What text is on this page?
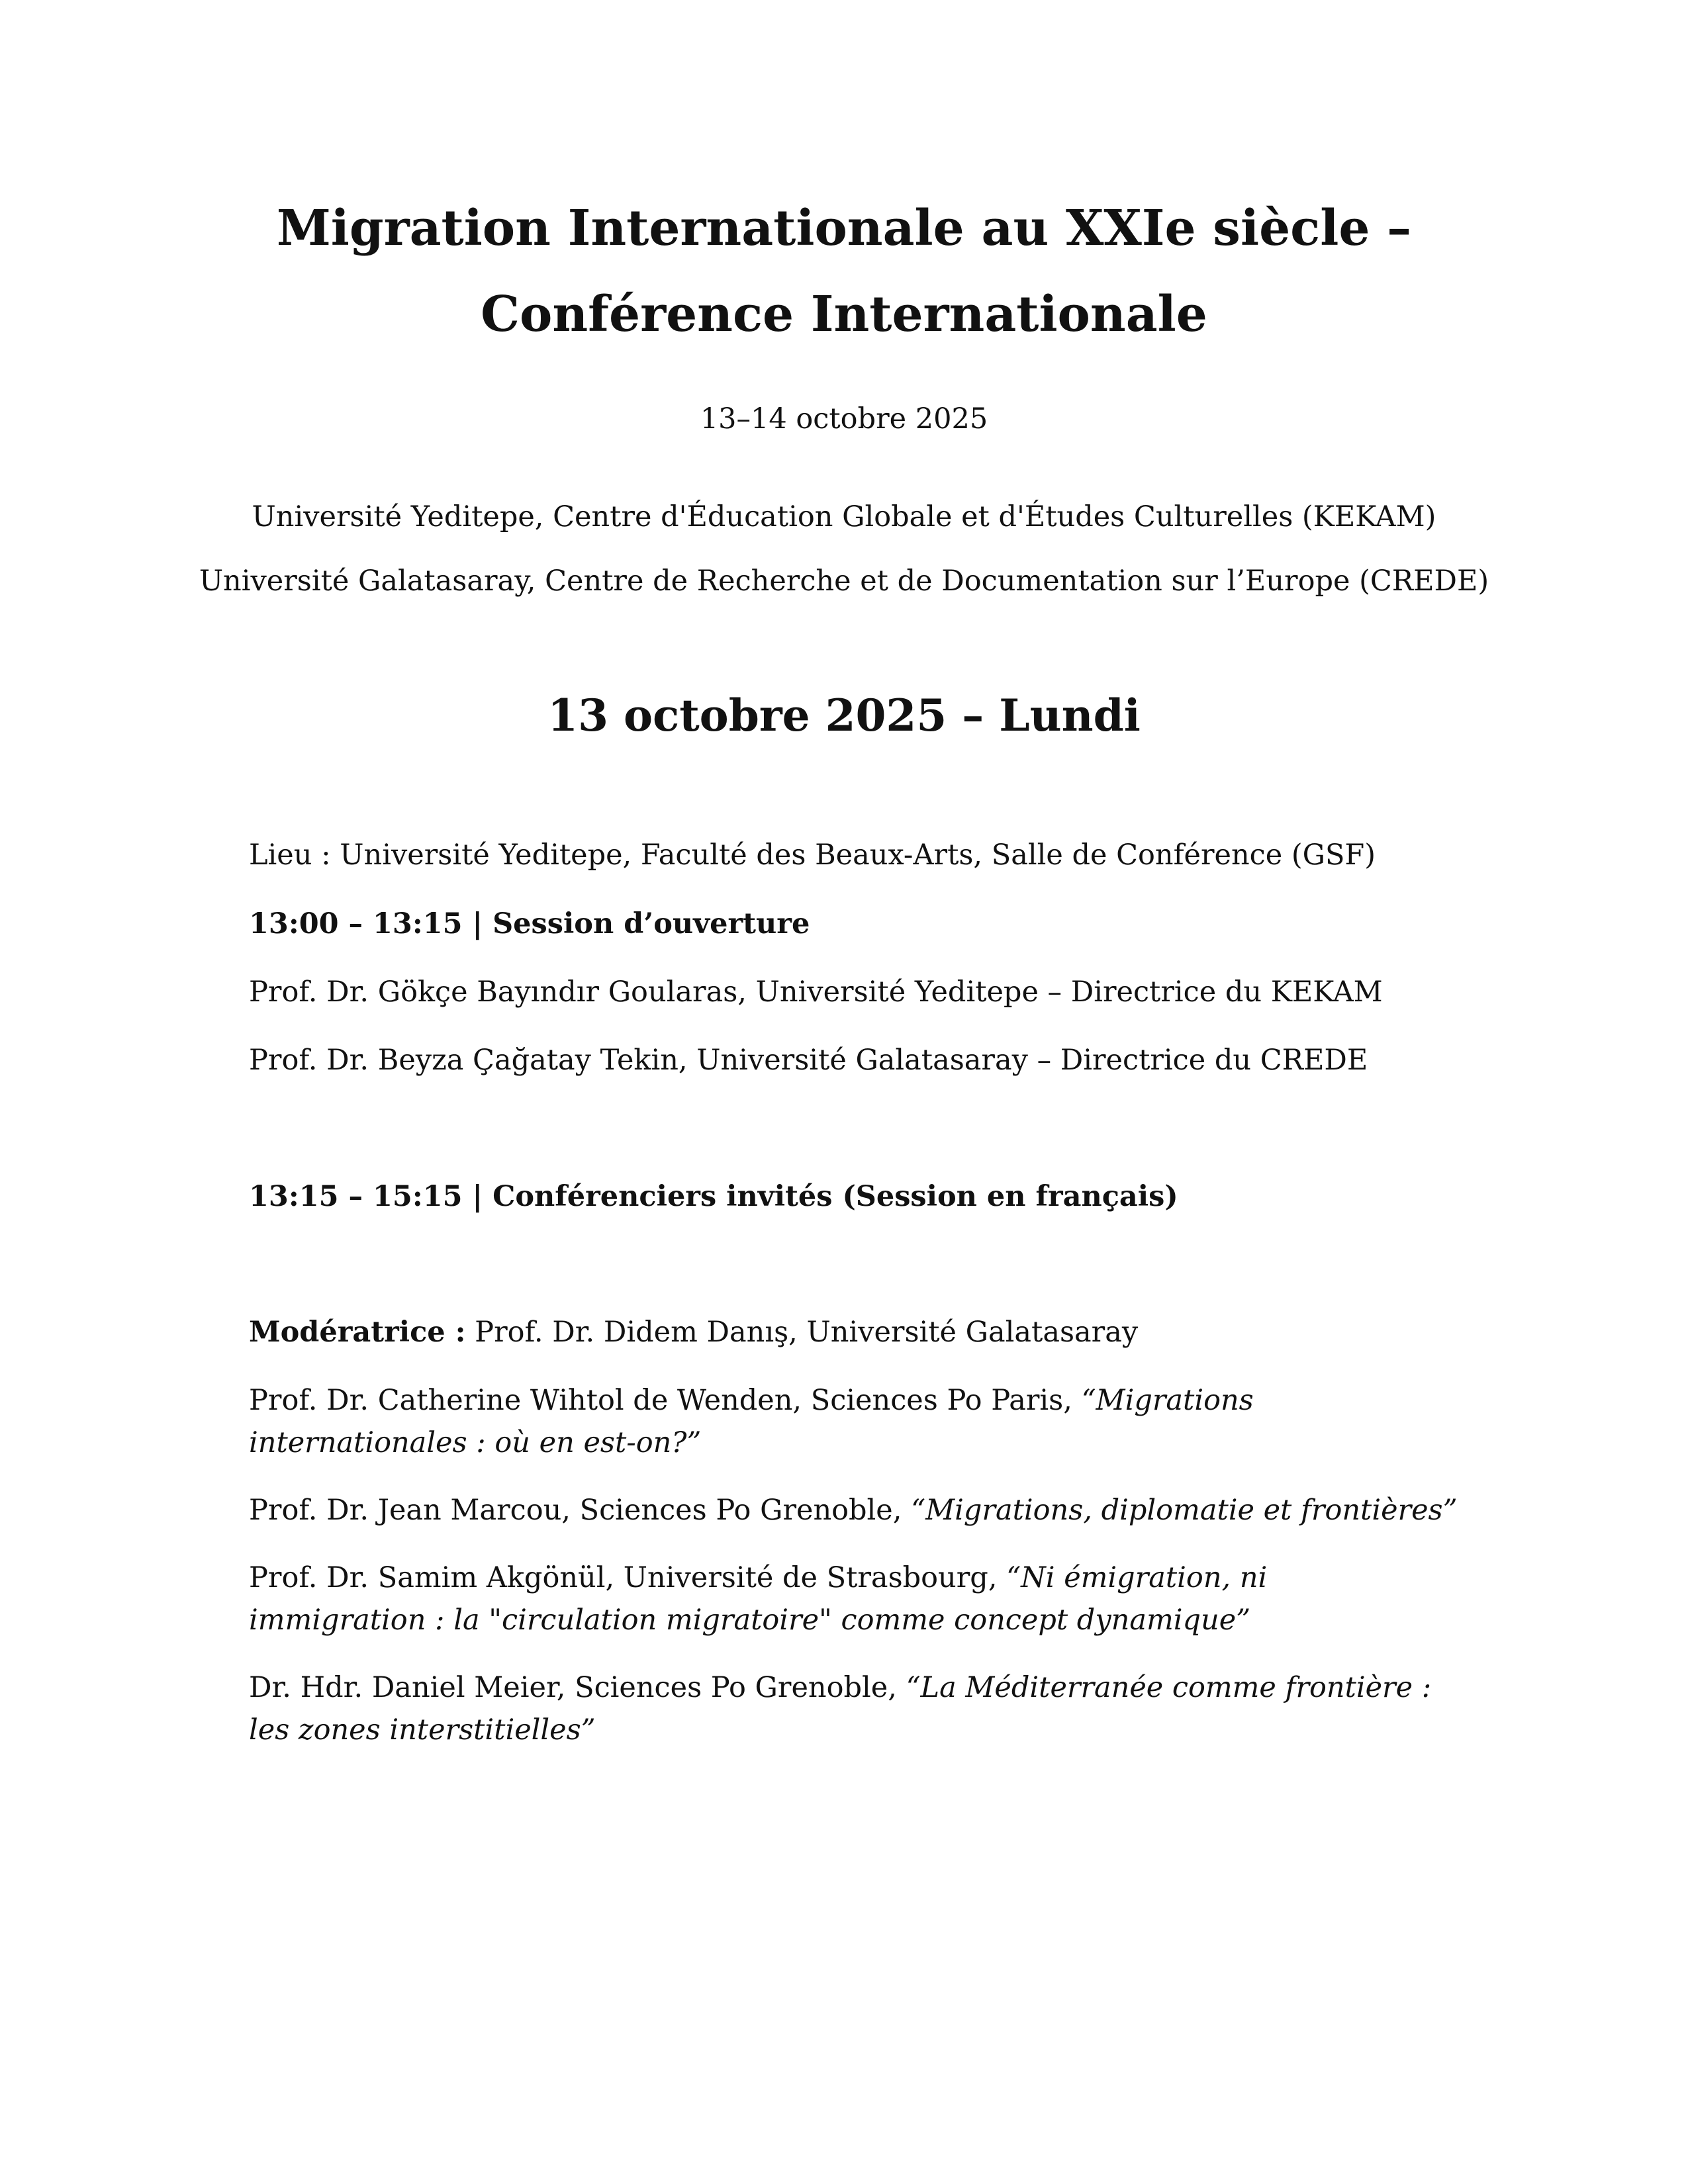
Migration Internationale au XXIe siècle –
Conférence Internationale

13–14 octobre 2025

Université Yeditepe, Centre d'Éducation Globale et d'Études Culturelles (KEKAM)

Université Galatasaray, Centre de Recherche et de Documentation sur l’Europe (CREDE)

13 octobre 2025 – Lundi

Lieu : Université Yeditepe, Faculté des Beaux-Arts, Salle de Conférence (GSF)

13:00 – 13:15 | Session d’ouverture

Prof. Dr. Gökçe Bayındır Goularas, Université Yeditepe – Directrice du KEKAM

Prof. Dr. Beyza Çağatay Tekin, Université Galatasaray – Directrice du CREDE

13:15 – 15:15 | Conférenciers invités (Session en français)

Modératrice : Prof. Dr. Didem Danış, Université Galatasaray

Prof. Dr. Catherine Wihtol de Wenden, Sciences Po Paris, “Migrations internationales : où en est-on?”

Prof. Dr. Jean Marcou, Sciences Po Grenoble, “Migrations, diplomatie et frontières”

Prof. Dr. Samim Akgönül, Université de Strasbourg, “Ni émigration, ni immigration : la "circulation migratoire" comme concept dynamique”

Dr. Hdr. Daniel Meier, Sciences Po Grenoble, “La Méditerranée comme frontière : les zones interstitielles”
